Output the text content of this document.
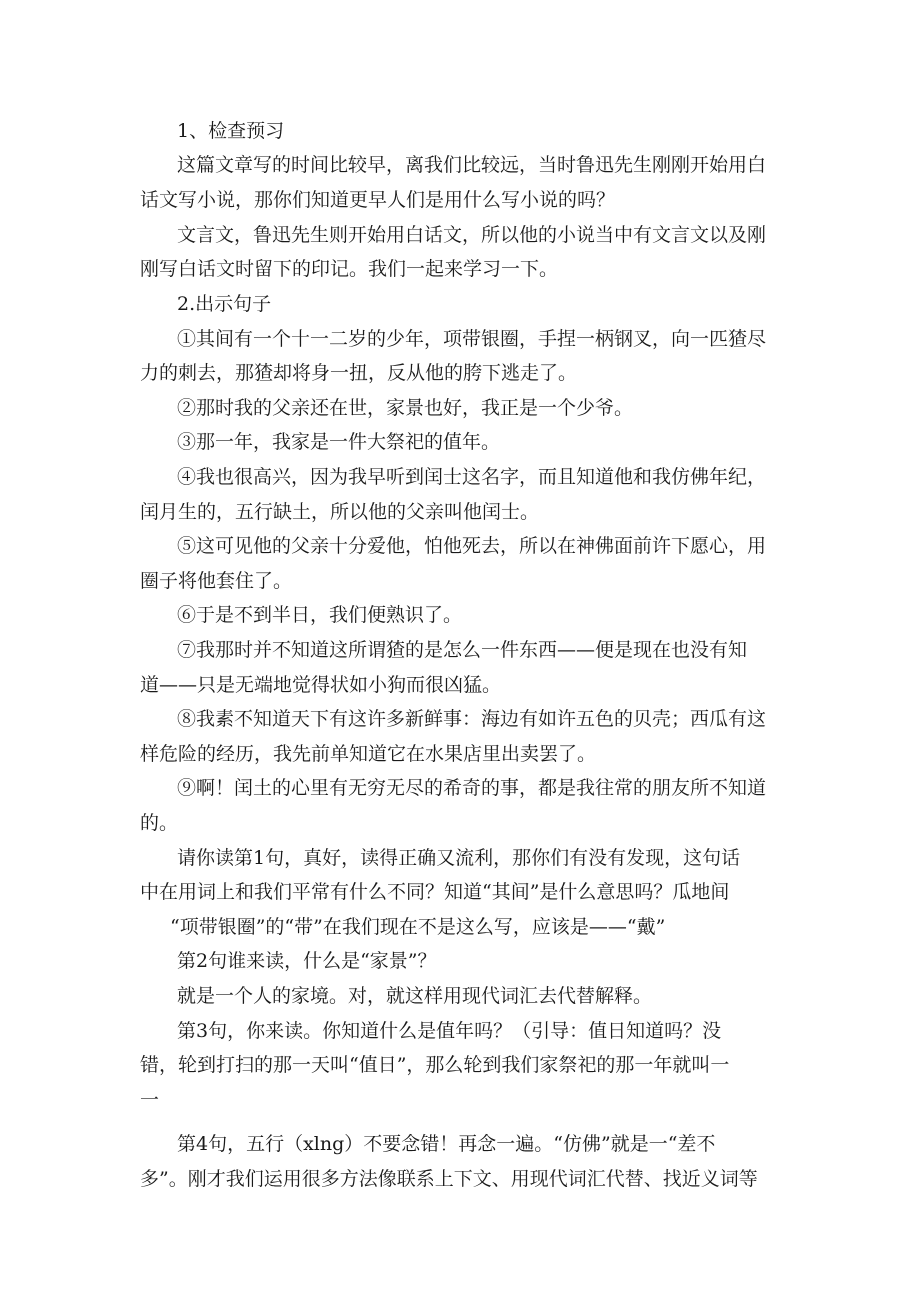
1、检查预习
这篇文章写的时间比较早，离我们比较远，当时鲁迅先生刚刚开始用白
话文写小说，那你们知道更早人们是用什么写小说的吗？
文言文，鲁迅先生则开始用白话文，所以他的小说当中有文言文以及刚
刚写白话文时留下的印记。我们一起来学习一下。
2.出示句子
①其间有一个十一二岁的少年，项带银圈，手捏一柄钢叉，向一匹猹尽
力的刺去，那猹却将身一扭，反从他的胯下逃走了。
②那时我的父亲还在世，家景也好，我正是一个少爷。
③那一年，我家是一件大祭祀的值年。
④我也很高兴，因为我早听到闰士这名字，而且知道他和我仿佛年纪，
闰月生的，五行缺土，所以他的父亲叫他闰士。
⑤这可见他的父亲十分爱他，怕他死去，所以在神佛面前许下愿心，用
圈子将他套住了。
⑥于是不到半日，我们便熟识了。
⑦我那时并不知道这所谓猹的是怎么一件东西——便是现在也没有知
道——只是无端地觉得状如小狗而很凶猛。
⑧我素不知道天下有这许多新鲜事：海边有如许五色的贝壳；西瓜有这
样危险的经历，我先前单知道它在水果店里出卖罢了。
⑨啊！闰土的心里有无穷无尽的希奇的事，都是我往常的朋友所不知道
的。
请你读第1句，真好，读得正确又流利，那你们有没有发现，这句话
中在用词上和我们平常有什么不同？知道“其间”是什么意思吗？瓜地间
“项带银圈”的“带”在我们现在不是这么写，应该是——“戴”
第2句谁来读，什么是“家景”？
就是一个人的家境。对，就这样用现代词汇去代替解释。
第3句，你来读。你知道什么是值年吗？（引导：值日知道吗？没
错，轮到打扫的那一天叫“值日”，那么轮到我们家祭祀的那一年就叫一
一
第4句，五行（xlng）不要念错！再念一遍。“仿佛”就是一“差不
多”。刚才我们运用很多方法像联系上下文、用现代词汇代替、找近义词等
